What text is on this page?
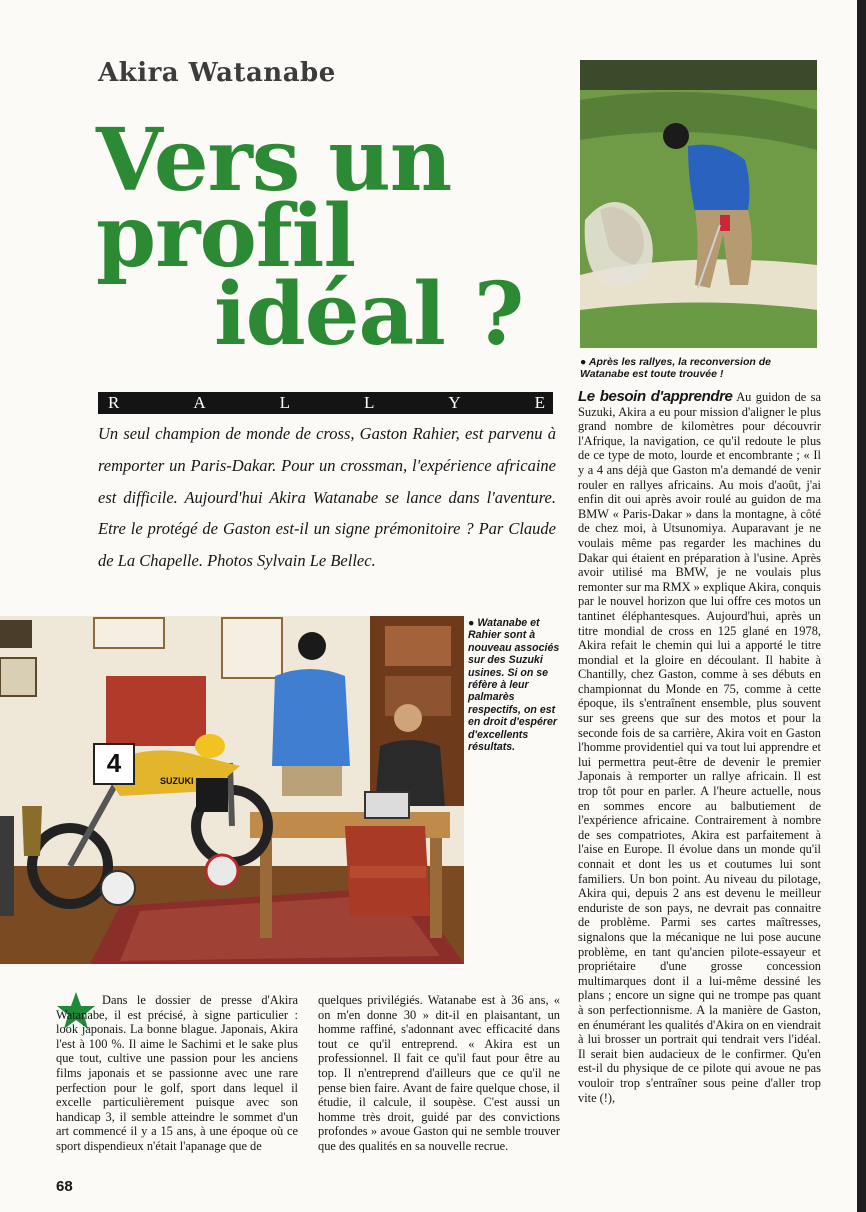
Akira Watanabe
Vers un
profil
idéal ?	● Après les rallyes, la reconversion de Watanabe est toute trouvée !
R	A	L	L	Y	E
Un seul champion de monde de cross, Gaston Rahier, est parvenu à remporter un Paris-Dakar. Pour un crossman, l'expérience africaine est difficile. Aujourd'hui Akira Watanabe se lance dans l'aventure. Etre le protégé de Gaston est-il un signe prémonitoire ? Par Claude de La Chapelle. Photos Sylvain Le Bellec.
4
SUZUKI
● Watanabe et Rahier sont à nouveau associés sur des Suzuki usines. Si on se réfère à leur palmarès respectifs, on est en droit d'espérer d'excellents résultats.
Le besoin d'apprendre Au guidon de sa Suzuki, Akira a eu pour mission d'aligner le plus grand nombre de kilomètres pour découvrir l'Afrique, la navigation, ce qu'il redoute le plus de ce type de moto, lourde et encombrante ; « Il y a 4 ans déjà que Gaston m'a demandé de venir rouler en rallyes africains. Au mois d'août, j'ai enfin dit oui après avoir roulé au guidon de ma BMW « Paris-Dakar » dans la montagne, à côté de chez moi, à Utsunomiya. Auparavant je ne voulais même pas regarder les machines du Dakar qui étaient en préparation à l'usine. Après avoir utilisé ma BMW, je ne voulais plus remonter sur ma RMX » explique Akira, conquis par le nouvel horizon que lui offre ces motos un tantinet éléphantesques. Aujourd'hui, après un titre mondial de cross en 125 glané en 1978, Akira refait le chemin qui lui a apporté le titre mondial et la gloire en découlant. Il habite à Chantilly, chez Gaston, comme à ses débuts en championnat du Monde en 75, comme à cette époque, ils s'entraînent ensemble, plus souvent sur ses greens que sur des motos et pour la seconde fois de sa carrière, Akira voit en Gaston l'homme providentiel qui va tout lui apprendre et lui permettra peut-être de devenir le premier Japonais à remporter un rallye africain. Il est trop tôt pour en parler. A l'heure actuelle, nous en sommes encore au balbutiement de l'expérience africaine. Contrairement à nombre de ses compatriotes, Akira est parfaitement à l'aise en Europe. Il évolue dans un monde qu'il connait et dont les us et coutumes lui sont familiers. Un bon point. Au niveau du pilotage, Akira qui, depuis 2 ans est devenu le meilleur enduriste de son pays, ne devrait pas connaitre de problème. Parmi ses cartes maîtresses, signalons que la mécanique ne lui pose aucune problème, en tant qu'ancien pilote-essayeur et propriétaire d'une grosse concession multimarques dont il a lui-même dessiné les plans ; encore un signe qui ne trompe pas quant à son perfectionnisme. A la manière de Gaston, en énumérant les qualités d'Akira on en viendrait à lui brosser un portrait qui tendrait vers l'idéal. Il serait bien audacieux de le confirmer. Qu'en est-il du physique de ce pilote qui avoue ne pas vouloir trop s'entraîner sous peine d'aller trop vite (!),
Dans le dossier de presse d'Akira Watanabe, il est précisé, à signe particulier : look japonais. La bonne blague. Japonais, Akira l'est à 100 %. Il aime le Sachimi et le sake plus que tout, cultive une passion pour les anciens films japonais et se passionne avec une rare perfection pour le golf, sport dans lequel il excelle particulièrement puisque avec son handicap 3, il semble atteindre le sommet d'un art commencé il y a 15 ans, à une époque où ce sport dispendieux n'était l'apanage que de
quelques privilégiés. Watanabe est à 36 ans, « on m'en donne 30 » dit-il en plaisantant, un homme raffiné, s'adonnant avec efficacité dans tout ce qu'il entreprend. « Akira est un professionnel. Il fait ce qu'il faut pour être au top. Il n'entreprend d'ailleurs que ce qu'il ne pense bien faire. Avant de faire quelque chose, il étudie, il calcule, il soupèse. C'est aussi un homme très droit, guidé par des convictions profondes » avoue Gaston qui ne semble trouver que des qualités en sa nouvelle recrue.
68
